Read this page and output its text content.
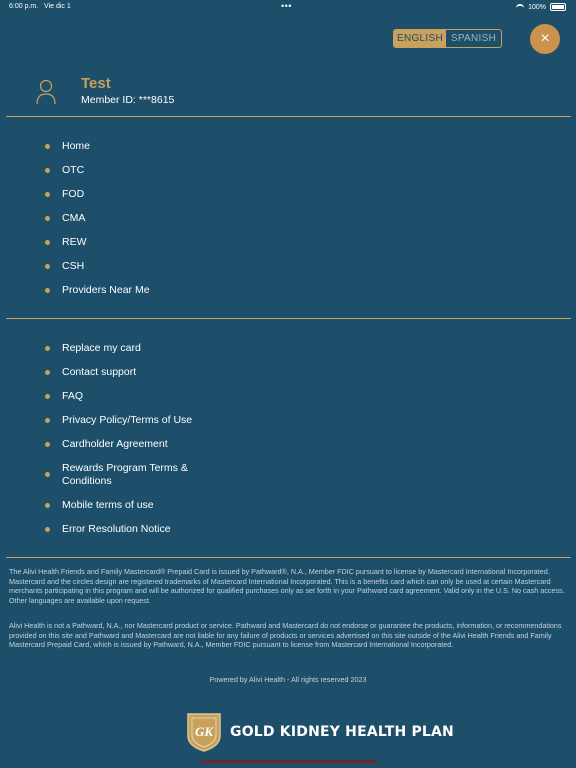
6:00 p.m. Vie dic 1	•••	100%
ENGLISH SPANISH	×
Test
Member ID: ***8615
Home
OTC
FOD
CMA
REW
CSH
Providers Near Me
Replace my card
Contact support
FAQ
Privacy Policy/Terms of Use
Cardholder Agreement
Rewards Program Terms &
Conditions
Mobile terms of use
Error Resolution Notice

The Alivi Health Friends and Family Mastercard® Prepaid Card is issued by Pathward®, N.A., Member FDIC pursuant to license by Mastercard International Incorporated. Mastercard and the circles design are registered trademarks of Mastercard International Incorporated. This is a benefits card which can only be used at certain Mastercard merchants participating in this program and will be authorized for qualified purchases only as set forth in your Pathward card agreement. Valid only in the U.S. No cash access. Other languages are available upon request.

Alivi Health is not a Pathward, N.A., nor Mastercard product or service. Pathward and Mastercard do not endorse or guarantee the products, information, or recommendations provided on this site and Pathward and Mastercard are not liable for any failure of products or services advertised on this site outside of the Alivi Health Friends and Family Mastercard Prepaid Card, which is issued by Pathward, N.A., Member FDIC pursuant to license from Mastercard International Incorporated.

Powered by Alivi Health - All rights reserved 2023
GK GOLD KIDNEY HEALTH PLAN
